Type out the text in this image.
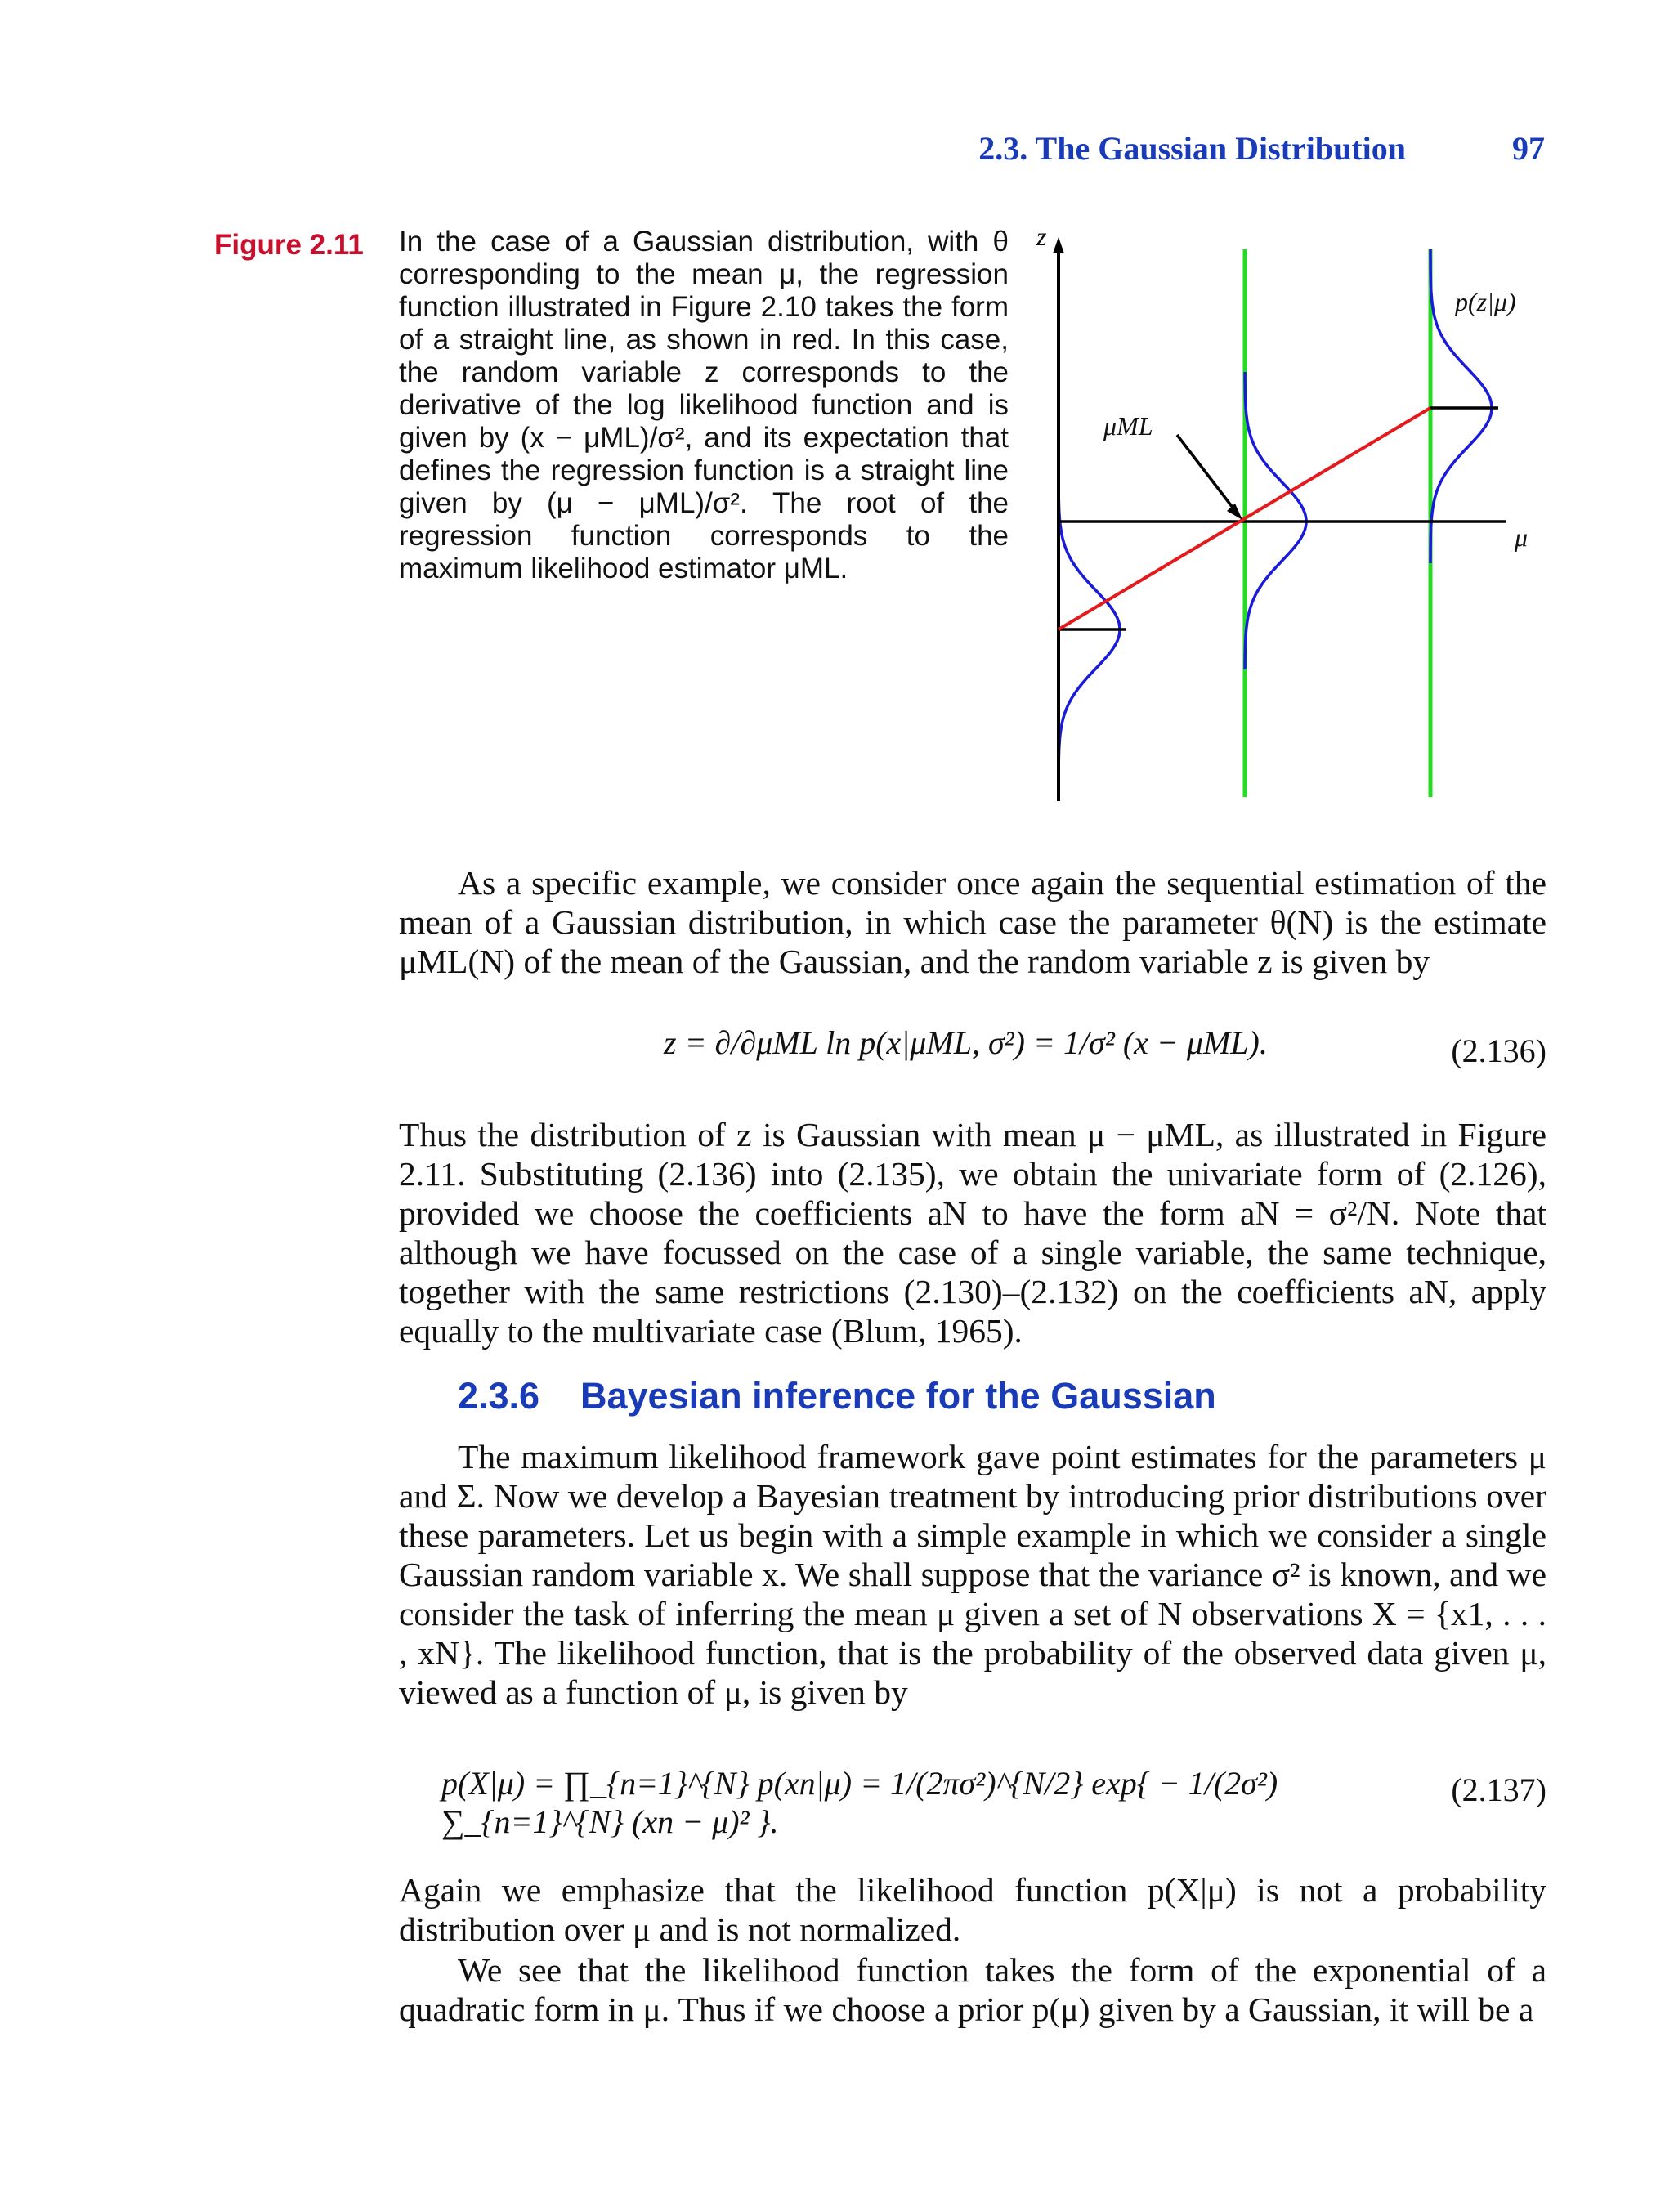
2.3. The Gaussian Distribution	97
Figure 2.11 In the case of a Gaussian distribution, with θ corresponding to the mean μ, the regression function illustrated in Figure 2.10 takes the form of a straight line, as shown in red. In this case, the random variable z corresponds to the derivative of the log likelihood function and is given by (x − μML)/σ², and its expectation that defines the regression function is a straight line given by (μ − μML)/σ². The root of the regression function corresponds to the maximum likelihood estimator μML.
z
μ
p(z|μ)
μML
As a specific example, we consider once again the sequential estimation of the mean of a Gaussian distribution, in which case the parameter θ(N) is the estimate μML(N) of the mean of the Gaussian, and the random variable z is given by
z = ∂/∂μML ln p(x|μML, σ²) = 1/σ² (x − μML).	(2.136)
Thus the distribution of z is Gaussian with mean μ − μML, as illustrated in Figure 2.11. Substituting (2.136) into (2.135), we obtain the univariate form of (2.126), provided we choose the coefficients aN to have the form aN = σ²/N. Note that although we have focussed on the case of a single variable, the same technique, together with the same restrictions (2.130)–(2.132) on the coefficients aN, apply equally to the multivariate case (Blum, 1965).
2.3.6 Bayesian inference for the Gaussian
The maximum likelihood framework gave point estimates for the parameters μ and Σ. Now we develop a Bayesian treatment by introducing prior distributions over these parameters. Let us begin with a simple example in which we consider a single Gaussian random variable x. We shall suppose that the variance σ² is known, and we consider the task of inferring the mean μ given a set of N observations X = {x1, . . . , xN}. The likelihood function, that is the probability of the observed data given μ, viewed as a function of μ, is given by
p(X|μ) = ∏_{n=1}^{N} p(xn|μ) = 1/(2πσ²)^{N/2} exp{ − 1/(2σ²) ∑_{n=1}^{N} (xn − μ)² }.
(2.137)
Again we emphasize that the likelihood function p(X|μ) is not a probability distribution over μ and is not normalized.
We see that the likelihood function takes the form of the exponential of a quadratic form in μ. Thus if we choose a prior p(μ) given by a Gaussian, it will be a
